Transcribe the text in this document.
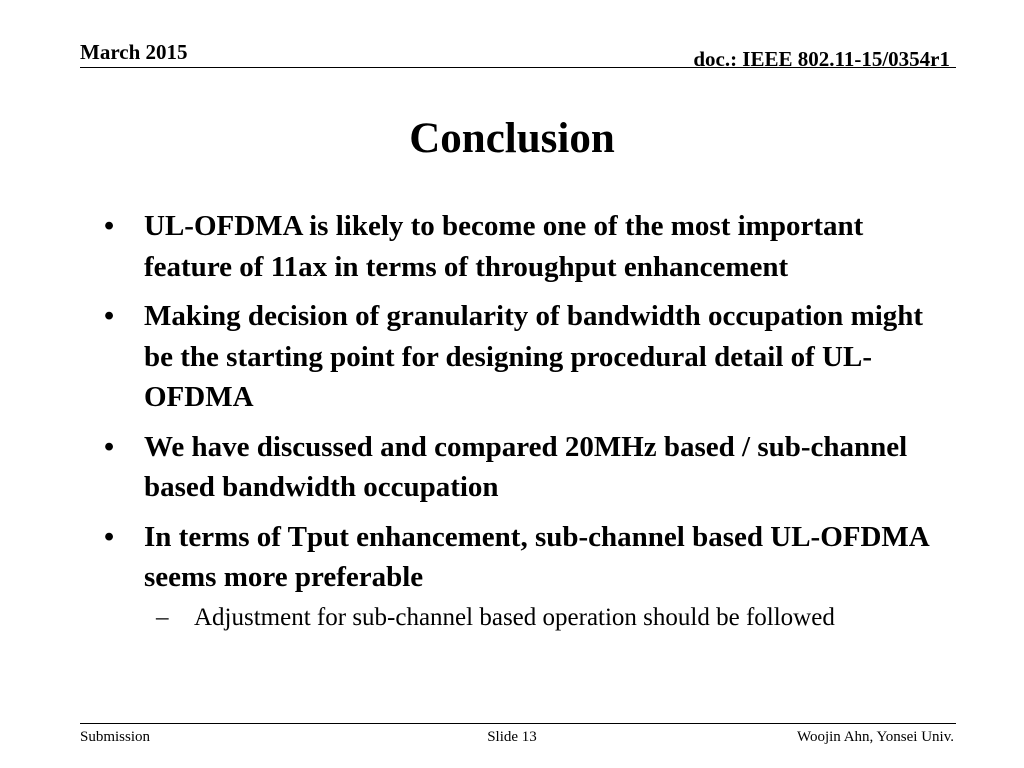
March 2015	doc.: IEEE 802.11-15/0354r1
Conclusion
•	UL-OFDMA is likely to become one of the most important feature of 11ax in terms of throughput enhancement
•	Making decision of granularity of bandwidth occupation might be the starting point for designing procedural detail of UL-OFDMA
•	We have discussed and compared 20MHz based / sub-channel based bandwidth occupation
•	In terms of Tput enhancement, sub-channel based UL-OFDMA seems more preferable
– Adjustment for sub-channel based operation should be followed
Submission	Slide 13	Woojin Ahn, Yonsei Univ.
